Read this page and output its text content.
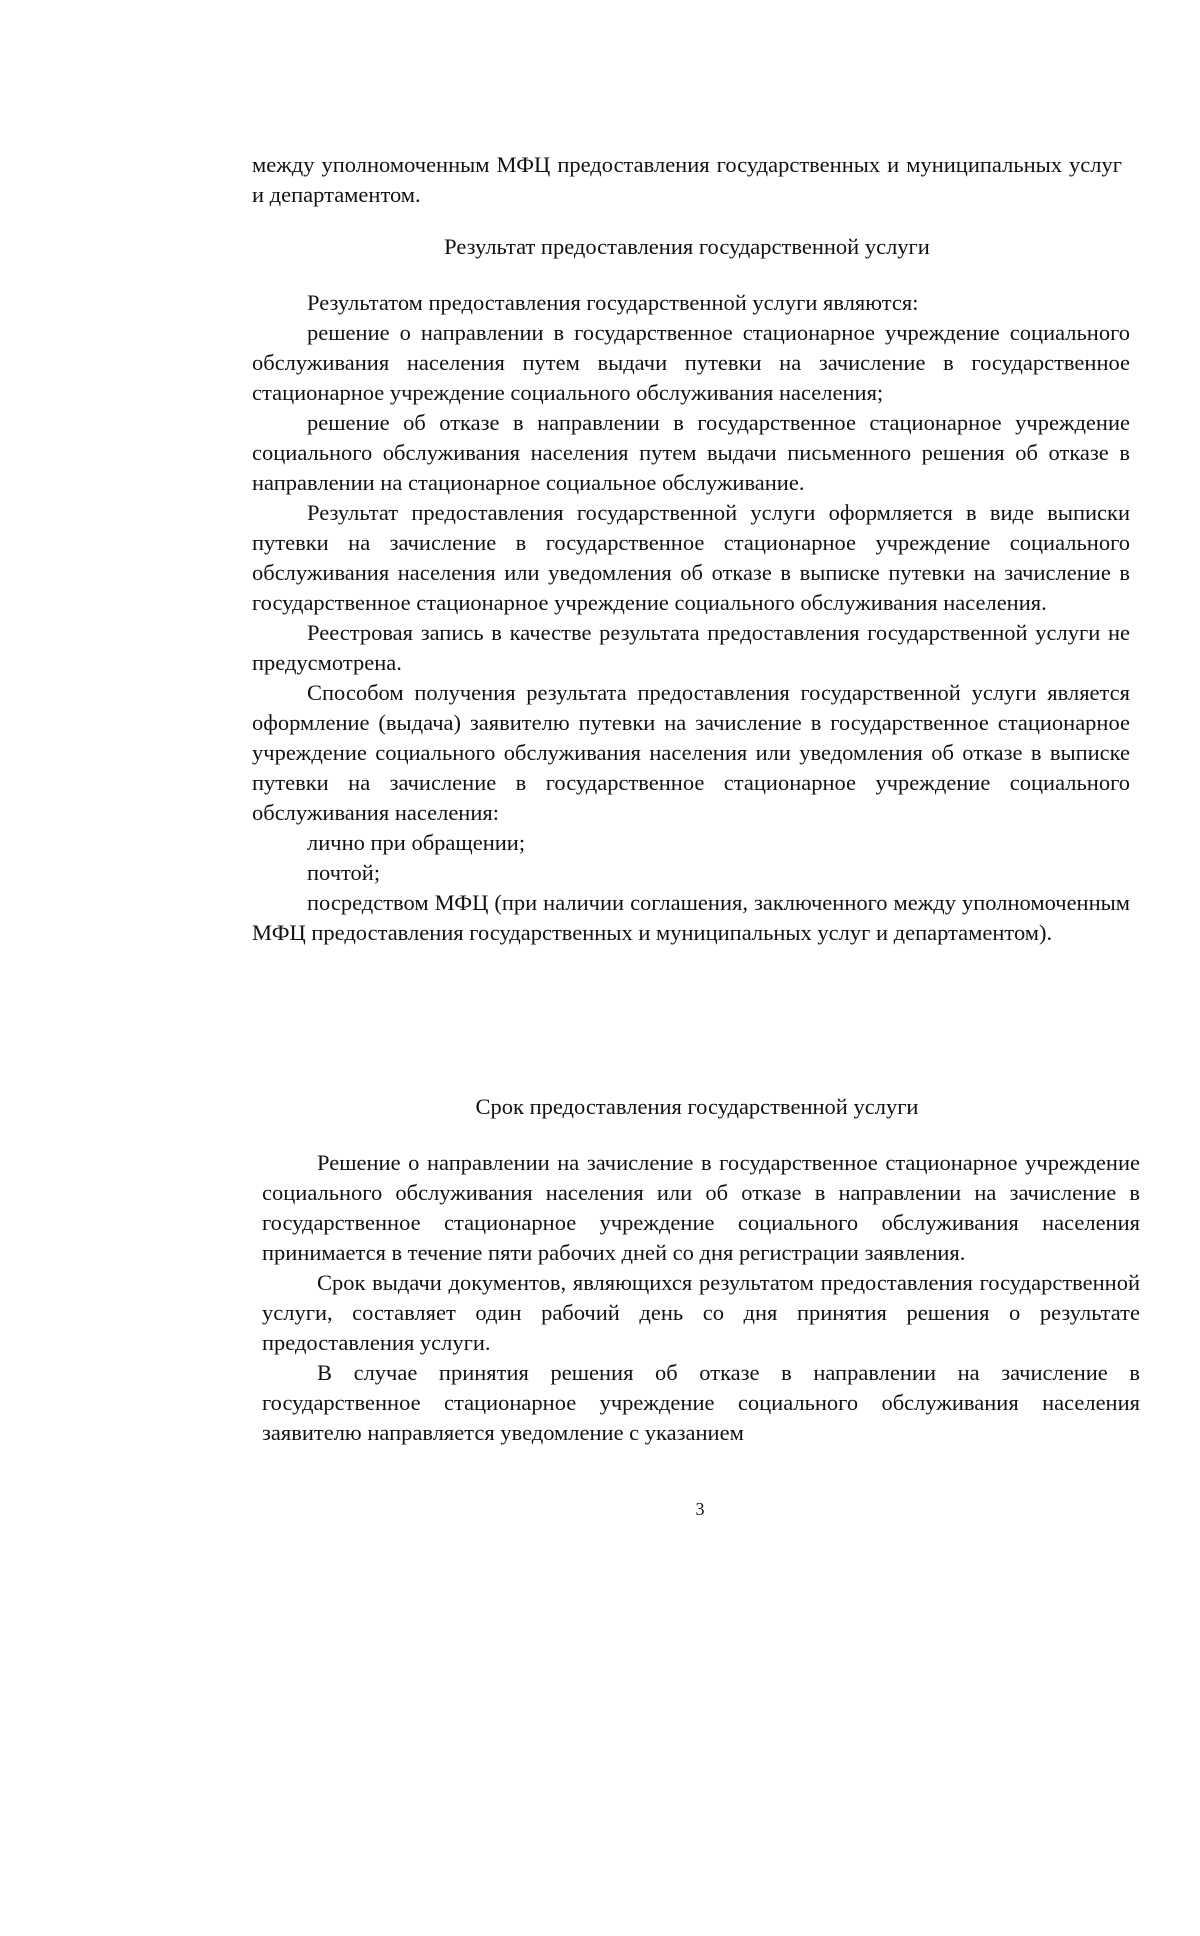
между уполномоченным МФЦ предоставления государственных и муниципальных услуг и департаментом.

Результат предоставления государственной услуги

Результатом предоставления государственной услуги являются:

решение о направлении в государственное стационарное учреждение социального обслуживания населения путем выдачи путевки на зачисление в государственное стационарное учреждение социального обслуживания населения;

решение об отказе в направлении в государственное стационарное учреждение социального обслуживания населения путем выдачи письменного решения об отказе в направлении на стационарное социальное обслуживание.

Результат предоставления государственной услуги оформляется в виде выписки путевки на зачисление в государственное стационарное учреждение социального обслуживания населения или уведомления об отказе в выписке путевки на зачисление в государственное стационарное учреждение социального обслуживания населения.

Реестровая запись в качестве результата предоставления государственной услуги не предусмотрена.

Способом получения результата предоставления государственной услуги является оформление (выдача) заявителю путевки на зачисление в государственное стационарное учреждение социального обслуживания населения или уведомления об отказе в выписке путевки на зачисление в государственное стационарное учреждение социального обслуживания населения:

лично при обращении;

почтой;

посредством МФЦ (при наличии соглашения, заключенного между уполномоченным МФЦ предоставления государственных и муниципальных услуг и департаментом).

Срок предоставления государственной услуги

Решение о направлении на зачисление в государственное стационарное учреждение социального обслуживания населения или об отказе в направлении на зачисление в государственное стационарное учреждение социального обслуживания населения принимается в течение пяти рабочих дней со дня регистрации заявления.

Срок выдачи документов, являющихся результатом предоставления государственной услуги, составляет один рабочий день со дня принятия решения о результате предоставления услуги.

В случае принятия решения об отказе в направлении на зачисление в государственное стационарное учреждение социального обслуживания населения заявителю направляется уведомление с указанием

3
